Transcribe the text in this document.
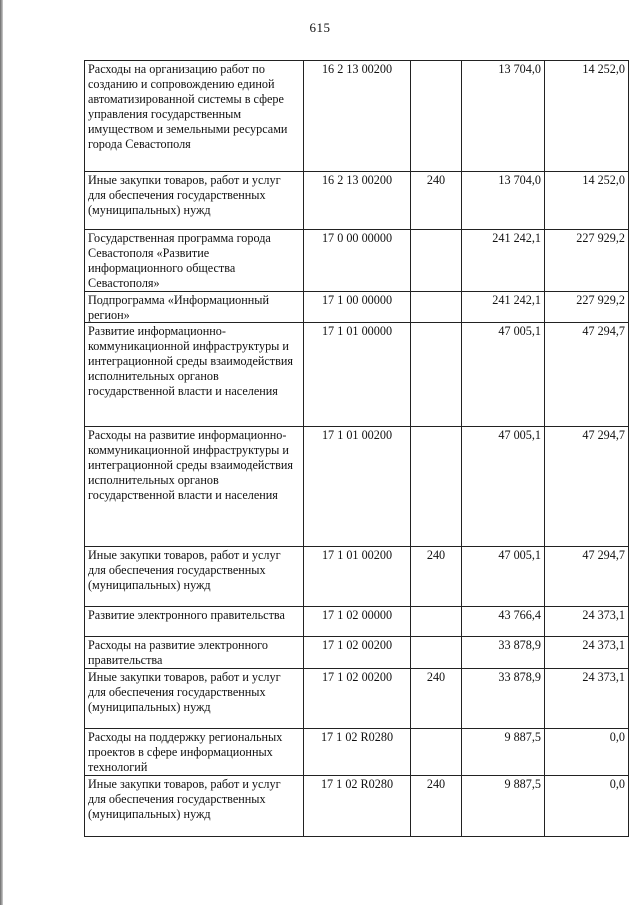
615
Расходы на организацию работ по созданию и сопровождению единой автоматизированной системы в сфере управления государственным имуществом и земельными ресурсами города Севастополя	16 2 13 00200		13 704,0	14 252,0
Иные закупки товаров, работ и услуг для обеспечения государственных (муниципальных) нужд	16 2 13 00200	240	13 704,0	14 252,0
Государственная программа города Севастополя «Развитие информационного общества Севастополя»	17 0 00 00000		241 242,1	227 929,2
Подпрограмма «Информационный регион»	17 1 00 00000		241 242,1	227 929,2
Развитие информационно-коммуникационной инфраструктуры и интеграционной среды взаимодействия исполнительных органов государственной власти и населения	17 1 01 00000		47 005,1	47 294,7
Расходы на развитие информационно-коммуникационной инфраструктуры и интеграционной среды взаимодействия исполнительных органов государственной власти и населения	17 1 01 00200		47 005,1	47 294,7
Иные закупки товаров, работ и услуг для обеспечения государственных (муниципальных) нужд	17 1 01 00200	240	47 005,1	47 294,7
Развитие электронного правительства	17 1 02 00000		43 766,4	24 373,1
Расходы на развитие электронного правительства	17 1 02 00200		33 878,9	24 373,1
Иные закупки товаров, работ и услуг для обеспечения государственных (муниципальных) нужд	17 1 02 00200	240	33 878,9	24 373,1
Расходы на поддержку региональных проектов в сфере информационных технологий	17 1 02 R0280		9 887,5	0,0
Иные закупки товаров, работ и услуг для обеспечения государственных (муниципальных) нужд	17 1 02 R0280	240	9 887,5	0,0
